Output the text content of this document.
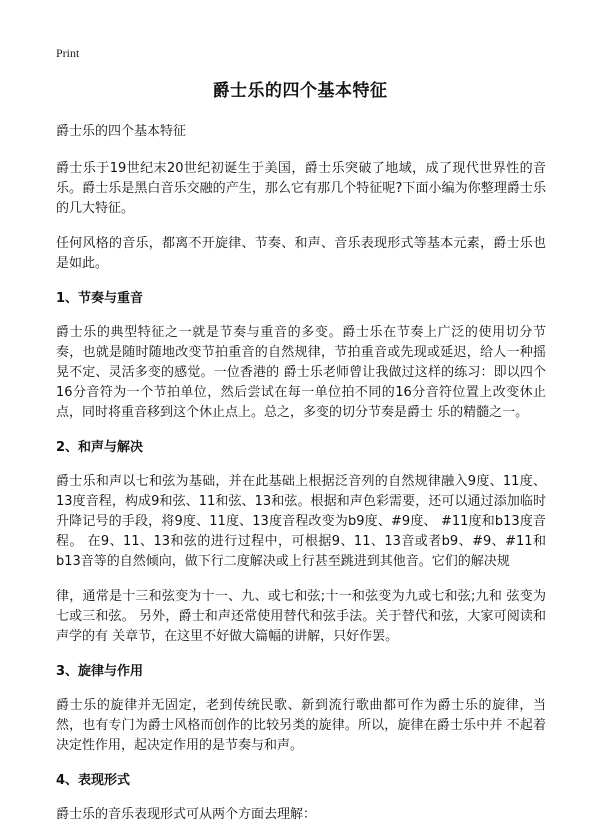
Print
爵士乐的四个基本特征

爵士乐的四个基本特征

爵士乐于19世纪末20世纪初诞生于美国，爵士乐突破了地域，成了现代世界性的音乐。爵士乐是黑白音乐交融的产生，那么它有那几个特征呢?下面小编为你整理爵士乐的几大特征。

任何风格的音乐，都离不开旋律、节奏、和声、音乐表现形式等基本元素，爵士乐也是如此。

1、节奏与重音

爵士乐的典型特征之一就是节奏与重音的多变。爵士乐在节奏上广泛的使用切分节奏，也就是随时随地改变节拍重音的自然规律，节拍重音或先现或延迟，给人一种摇晃不定、灵活多变的感觉。一位香港的 爵士乐老师曾让我做过这样的练习：即以四个16分音符为一个节拍单位，然后尝试在每一单位拍不同的16分音符位置上改变休止点，同时将重音移到这个休止点上。总之，多变的切分节奏是爵士 乐的精髓之一。

2、和声与解决

爵士乐和声以七和弦为基础，并在此基础上根据泛音列的自然规律融入9度、11度、13度音程，构成9和弦、11和弦、13和弦。根据和声色彩需要，还可以通过添加临时升降记号的手段，将9度、11度、13度音程改变为b9度、#9度、 #11度和b13度音程。 在9、11、13和弦的进行过程中，可根据9、11、13音或者b9、#9、#11和b13音等的自然倾向，做下行二度解决或上行甚至跳进到其他音。它们的解决规

律，通常是十三和弦变为十一、九、或七和弦;十一和弦变为九或七和弦;九和 弦变为七或三和弦。 另外，爵士和声还常使用替代和弦手法。关于替代和弦，大家可阅读和声学的有 关章节，在这里不好做大篇幅的讲解，只好作罢。

3、旋律与作用

爵士乐的旋律并无固定，老到传统民歌、新到流行歌曲都可作为爵士乐的旋律，当然，也有专门为爵士风格而创作的比较另类的旋律。所以，旋律在爵士乐中并 不起着决定性作用，起决定作用的是节奏与和声。

4、表现形式

爵士乐的音乐表现形式可从两个方面去理解：
